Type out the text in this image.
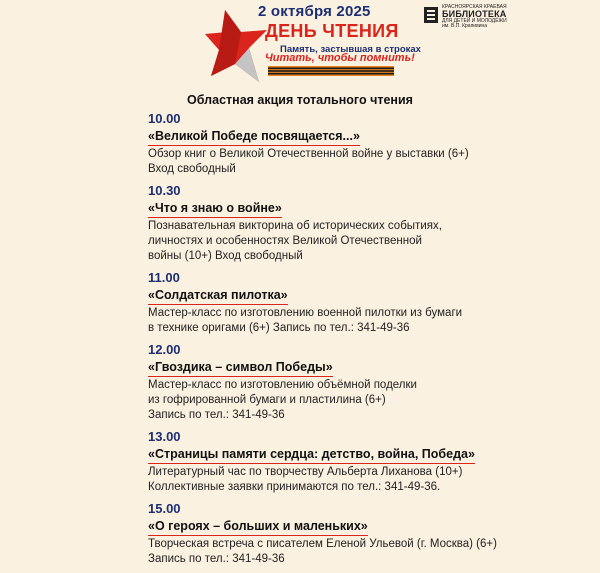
2 октября 2025
ДЕНЬ ЧТЕНИЯ
Память, застывшая в строках
Читать, чтобы помнить!
КРАСНОЯРСКАЯ КРАЕВАЯ
БИБЛИОТЕКА
ДЛЯ ДЕТЕЙ И МОЛОДЁЖИ
им. В.П. Крапивина
Областная акция тотального чтения
10.00
«Великой Победе посвящается...»
Обзор книг о Великой Отечественной войне у выставки (6+)
Вход свободный
10.30
«Что я знаю о войне»
Познавательная викторина об исторических событиях,
личностях и особенностях Великой Отечественной
войны (10+) Вход свободный
11.00
«Солдатская пилотка»
Мастер-класс по изготовлению военной пилотки из бумаги
в технике оригами (6+) Запись по тел.: 341-49-36
12.00
«Гвоздика – символ Победы»
Мастер-класс по изготовлению объёмной поделки
из гофрированной бумаги и пластилина (6+)
Запись по тел.: 341-49-36
13.00
«Страницы памяти сердца: детство, война, Победа»
Литературный час по творчеству Альберта Лиханова (10+)
Коллективные заявки принимаются по тел.: 341-49-36.
15.00
«О героях – больших и маленьких»
Творческая встреча с писателем Еленой Ульевой (г. Москва) (6+)
Запись по тел.: 341-49-36
